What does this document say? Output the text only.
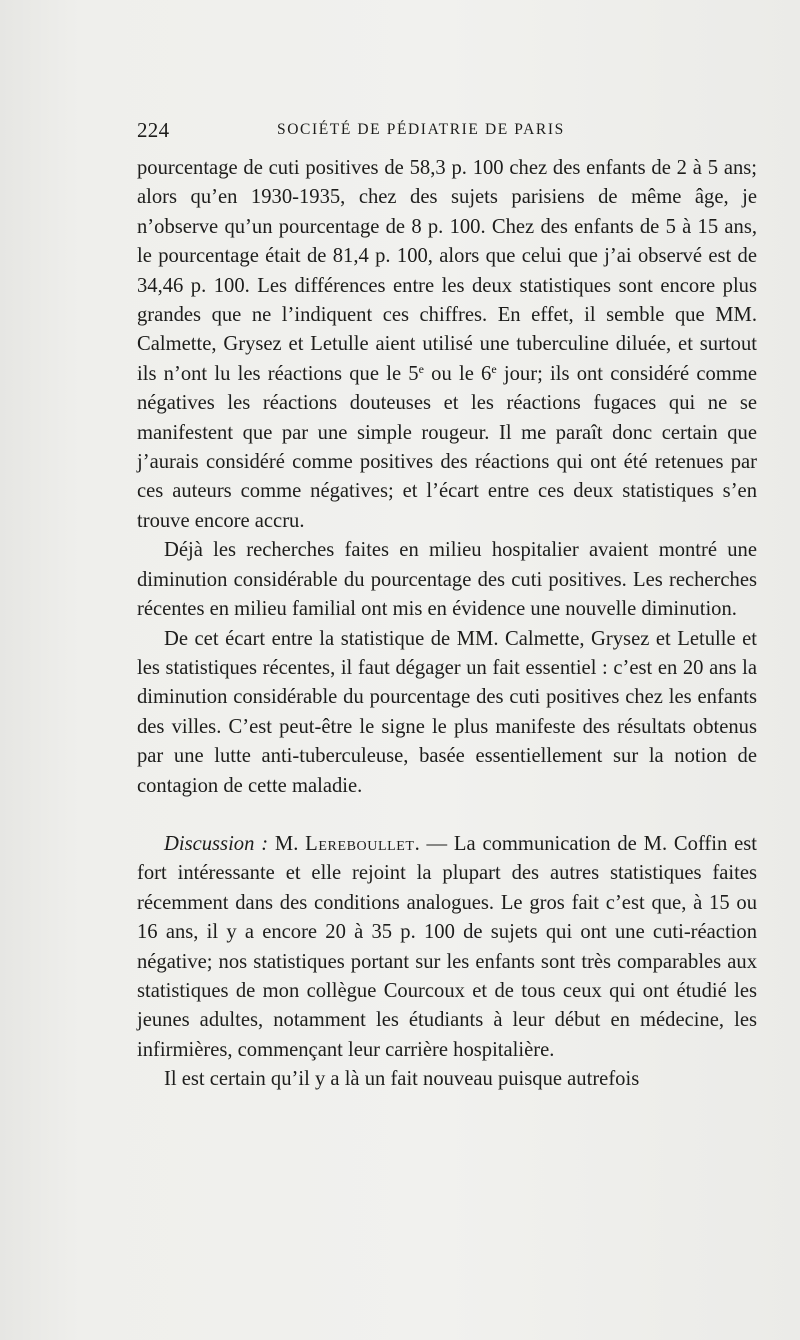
224	SOCIÉTÉ DE PÉDIATRIE DE PARIS

pourcentage de cuti positives de 58,3 p. 100 chez des enfants de 2 à 5 ans; alors qu’en 1930-1935, chez des sujets parisiens de même âge, je n’observe qu’un pourcentage de 8 p. 100. Chez des enfants de 5 à 15 ans, le pourcentage était de 81,4 p. 100, alors que celui que j’ai observé est de 34,46 p. 100. Les différences entre les deux statistiques sont encore plus grandes que ne l’indiquent ces chiffres. En effet, il semble que MM. Calmette, Grysez et Letulle aient utilisé une tuberculine diluée, et surtout ils n’ont lu les réactions que le 5e ou le 6e jour; ils ont considéré comme négatives les réactions douteuses et les réactions fugaces qui ne se manifestent que par une simple rougeur. Il me paraît donc certain que j’aurais considéré comme positives des réactions qui ont été retenues par ces auteurs comme négatives; et l’écart entre ces deux statistiques s’en trouve encore accru.

Déjà les recherches faites en milieu hospitalier avaient montré une diminution considérable du pourcentage des cuti positives. Les recherches récentes en milieu familial ont mis en évidence une nouvelle diminution.

De cet écart entre la statistique de MM. Calmette, Grysez et Letulle et les statistiques récentes, il faut dégager un fait essentiel : c’est en 20 ans la diminution considérable du pourcentage des cuti positives chez les enfants des villes. C’est peut-être le signe le plus manifeste des résultats obtenus par une lutte anti-tuberculeuse, basée essentiellement sur la notion de contagion de cette maladie.

Discussion : M. Lereboullet. — La communication de M. Coffin est fort intéressante et elle rejoint la plupart des autres statistiques faites récemment dans des conditions analogues. Le gros fait c’est que, à 15 ou 16 ans, il y a encore 20 à 35 p. 100 de sujets qui ont une cuti-réaction négative; nos statistiques portant sur les enfants sont très comparables aux statistiques de mon collègue Courcoux et de tous ceux qui ont étudié les jeunes adultes, notamment les étudiants à leur début en médecine, les infirmières, commençant leur carrière hospitalière.

Il est certain qu’il y a là un fait nouveau puisque autrefois
